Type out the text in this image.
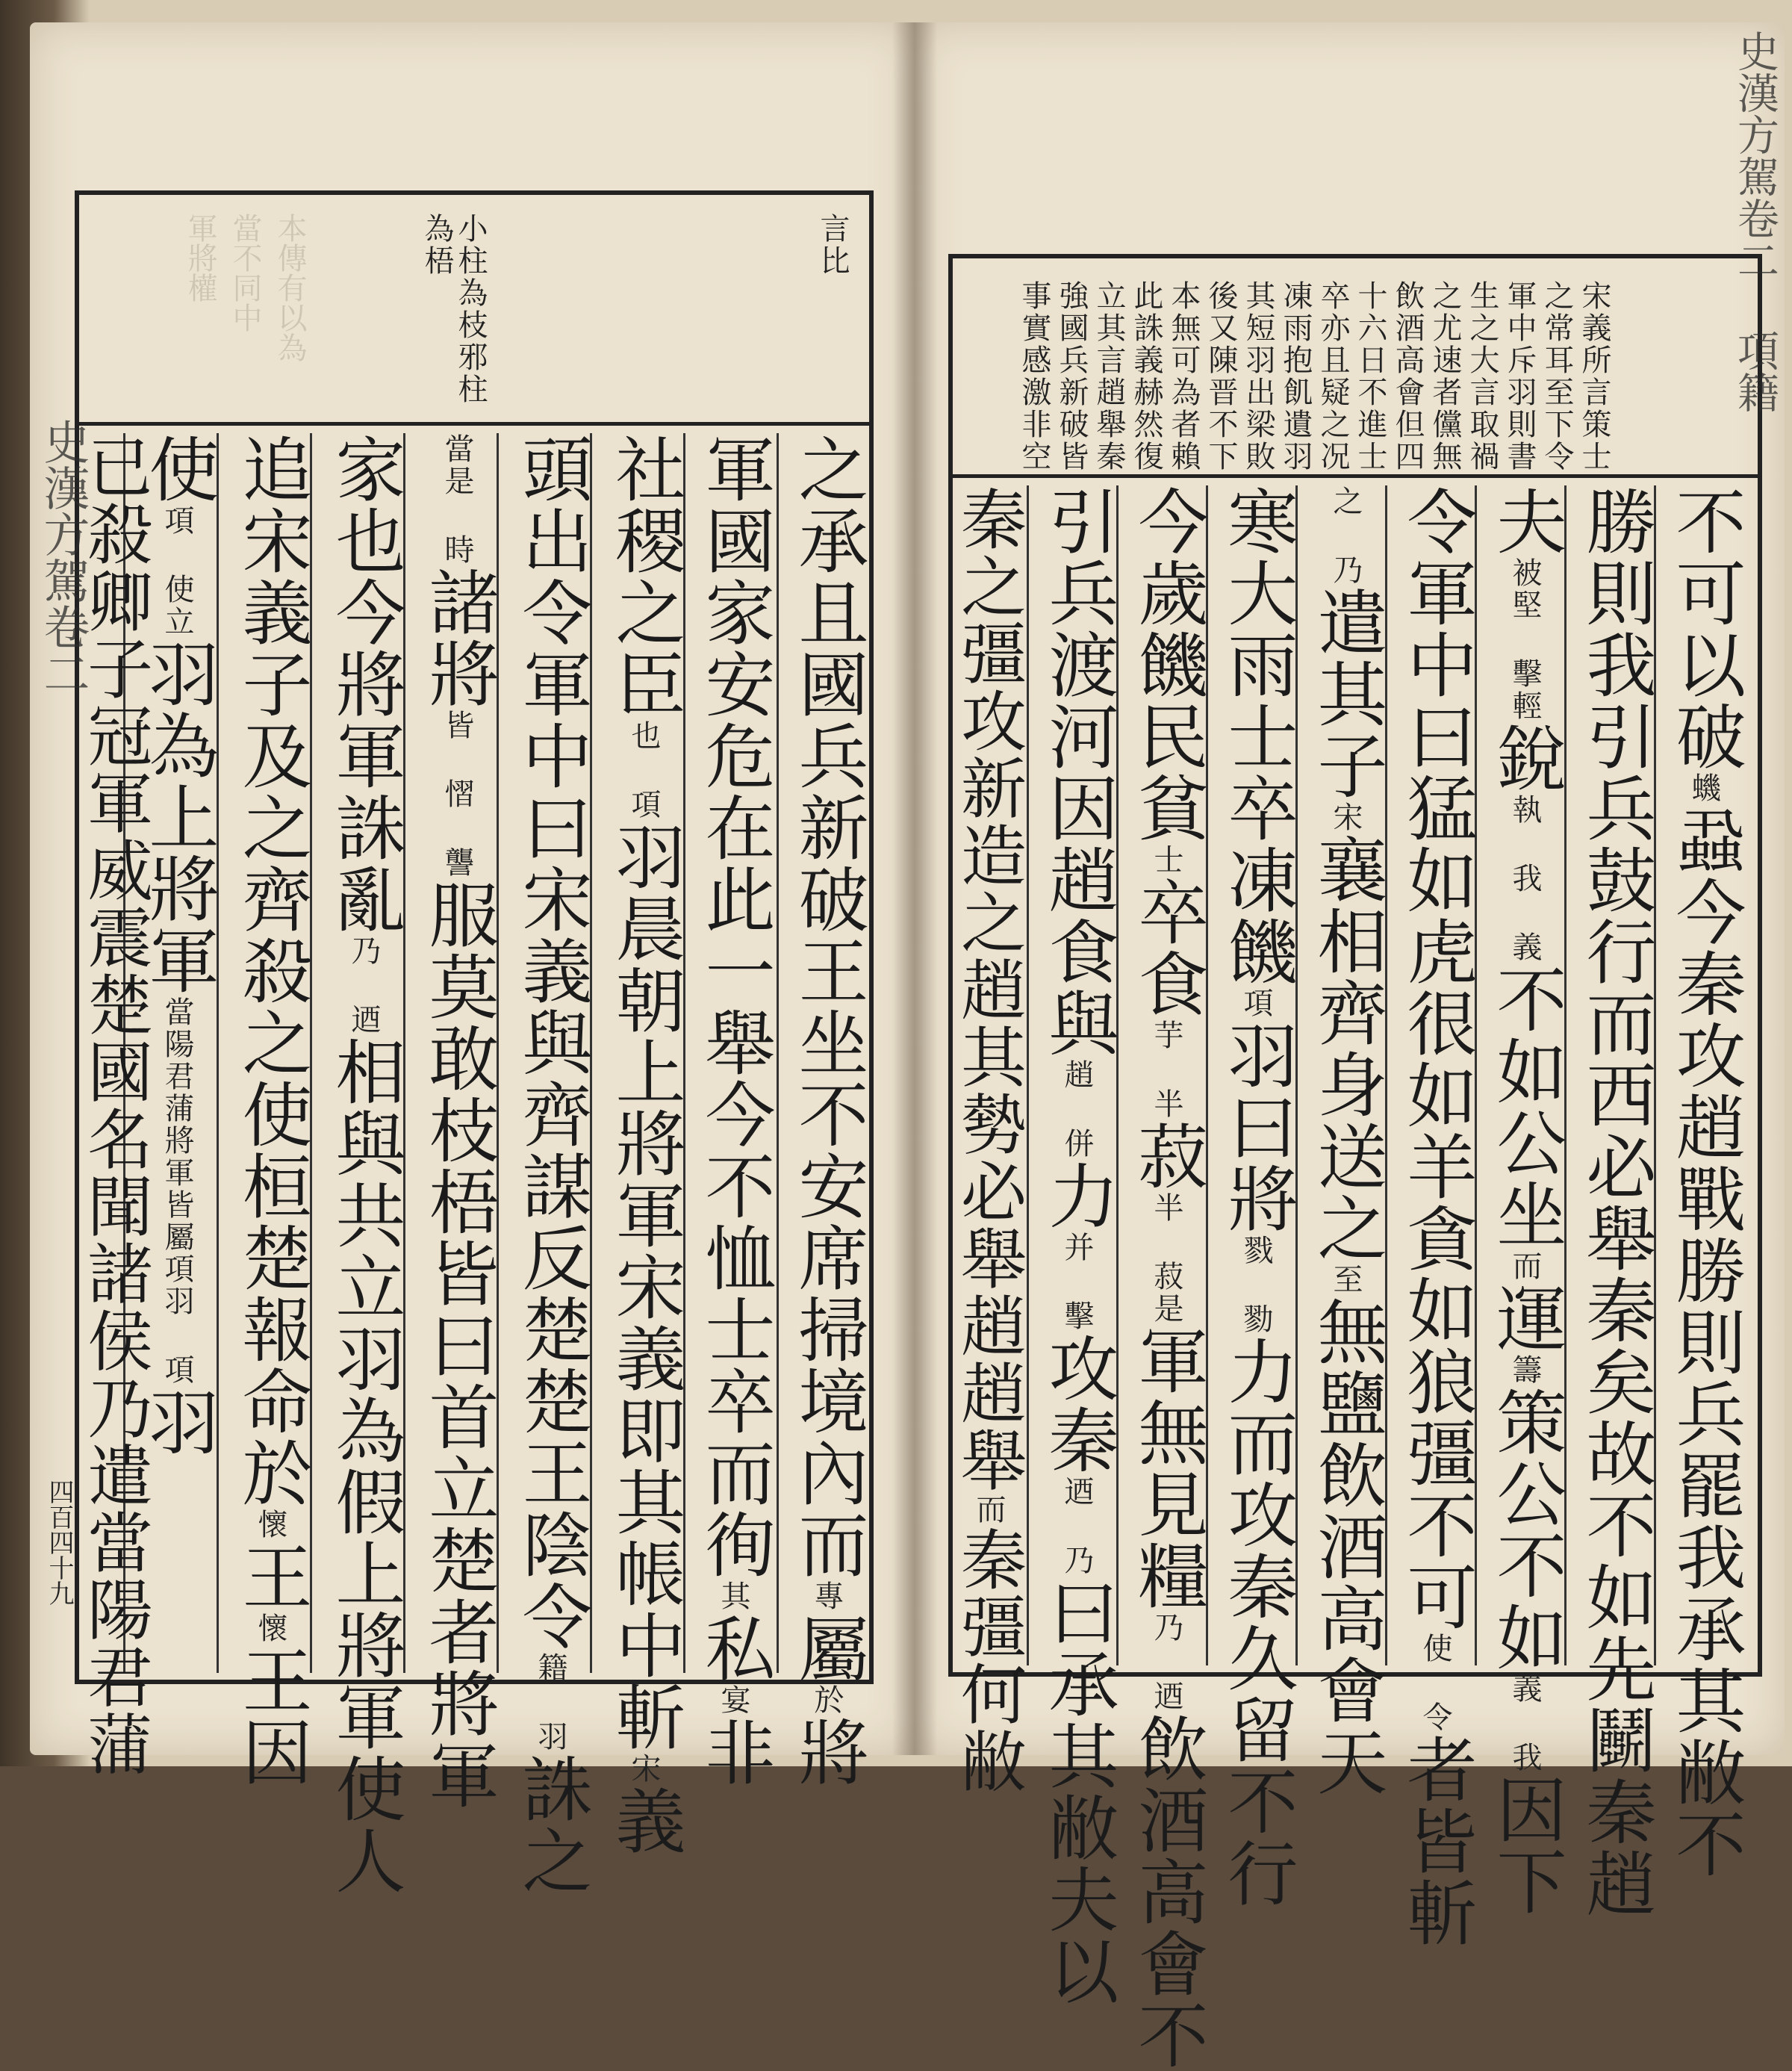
言比
小柱為枝邪柱
為梧
本傳有以為
當不同中
軍將權
之承且國兵新破王坐不安席掃境內而專屬於將
軍國家安危在此一舉今不恤士卒而徇其私宴非
社稷之臣也 項羽晨朝上將軍宋義即其帳中斬宋義
頭出令軍中曰宋義與齊謀反楚楚王陰令籍 羽誅之
當是 時諸將皆 慴 讋服莫敢枝梧皆曰首立楚者將軍
家也今將軍誅亂乃 迺相與共立羽為假上將軍使人
追宋義子及之齊殺之使桓楚報命於懷王懷王因
使項 使立羽為上將軍當陽君蒲將軍皆屬項羽 項羽
已殺卿子冠軍威震楚國名聞諸侯乃遣當陽君蒲
史漢方駕卷二
四百四十九
宋義所言策士
之常耳至下令
軍中斥羽則書
生之大言取禍
之尤速者儻無
飲酒高會但四
十六日不進士
卒亦且疑之况
凍雨抱飢遺羽
其短羽出梁敗
後又陳晋不下
本無可為者賴
此誅義赫然復
立其言趙舉秦
強國兵新破皆
事實感激非空
不可以破蟣蝨今秦攻趙戰勝則兵罷我承其敝不
勝則我引兵鼓行而西必舉秦矣故不如先鬭秦趙
夫被堅 擊輕銳執 我 義不如公坐而運籌策公不如義 我因下
令軍中曰猛如虎很如羊貪如狼彊不可使 令者皆斬
之 乃遣其子宋襄相齊身送之至無鹽飲酒高會天
寒大雨士卒凍饑項羽曰將戮 勠力而攻秦久留不行
今歲饑民貧士卒食芋 半菽半 菽是軍無見糧乃 迺飲酒高會不
引兵渡河因趙食與趙 併力并 擊攻秦迺 乃曰承其敝夫以
秦之彊攻新造之趙其勢必舉趙趙舉而秦彊何敝
史漢方駕卷二 項籍
